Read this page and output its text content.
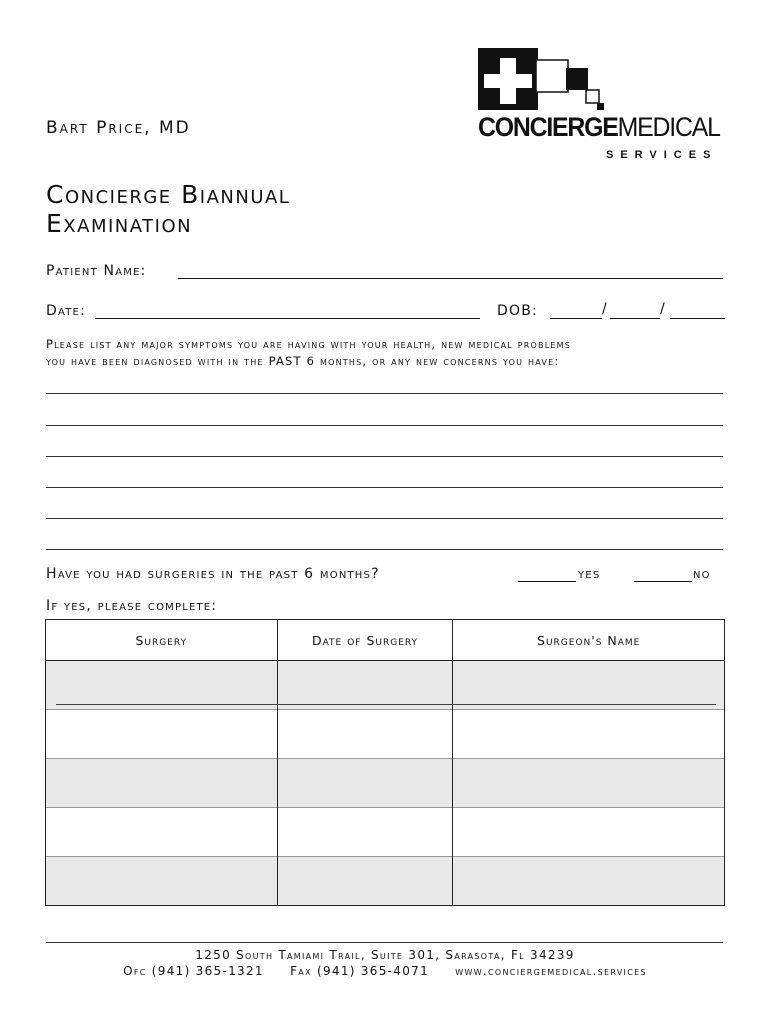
Bart Price, MD
Concierge Biannual
Examination
CONCIERGEMEDICAL
SERVICES
Patient Name:
Date:	DOB:	/	/
Please list any major symptoms you are having with your health, new medical problems
you have been diagnosed with in the PAST 6 months, or any new concerns you have:
Have you had surgeries in the past 6 months?	yes	no
If yes, please complete:
Surgery	Date of Surgery	Surgeon's Name

1250 South Tamiami Trail, Suite 301, Sarasota, Fl 34239
Ofc (941) 365-1321 Fax (941) 365-4071 www.conciergemedical.services
